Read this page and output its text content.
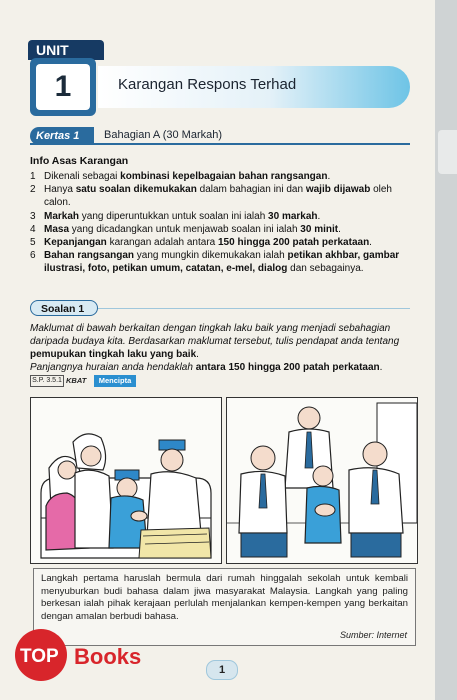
UNIT
1	Karangan Respons Terhad
Kertas 1	Bahagian A (30 Markah)
Info Asas Karangan
1 Dikenali sebagai kombinasi kepelbagaian bahan rangsangan.
2 Hanya satu soalan dikemukakan dalam bahagian ini dan wajib dijawab oleh calon.
3 Markah yang diperuntukkan untuk soalan ini ialah 30 markah.
4 Masa yang dicadangkan untuk menjawab soalan ini ialah 30 minit.
5 Kepanjangan karangan adalah antara 150 hingga 200 patah perkataan.
6 Bahan rangsangan yang mungkin dikemukakan ialah petikan akhbar, gambar ilustrasi, foto, petikan umum, catatan, e-mel, dialog dan sebagainya.
Soalan 1
Maklumat di bawah berkaitan dengan tingkah laku baik yang menjadi sebahagian daripada budaya kita. Berdasarkan maklumat tersebut, tulis pendapat anda tentang pemupukan tingkah laku yang baik.
Panjangnya huraian anda hendaklah antara 150 hingga 200 patah perkataan.
S.P. 3.5.1 KBAT	Mencipta
Langkah pertama haruslah bermula dari rumah hinggalah sekolah untuk kembali menyuburkan budi bahasa dalam jiwa masyarakat Malaysia. Langkah yang paling berkesan ialah pihak kerajaan perlulah menjalankan kempen-kempen yang berkaitan dengan amalan berbudi bahasa.
Sumber: Internet
1
TOP Books
